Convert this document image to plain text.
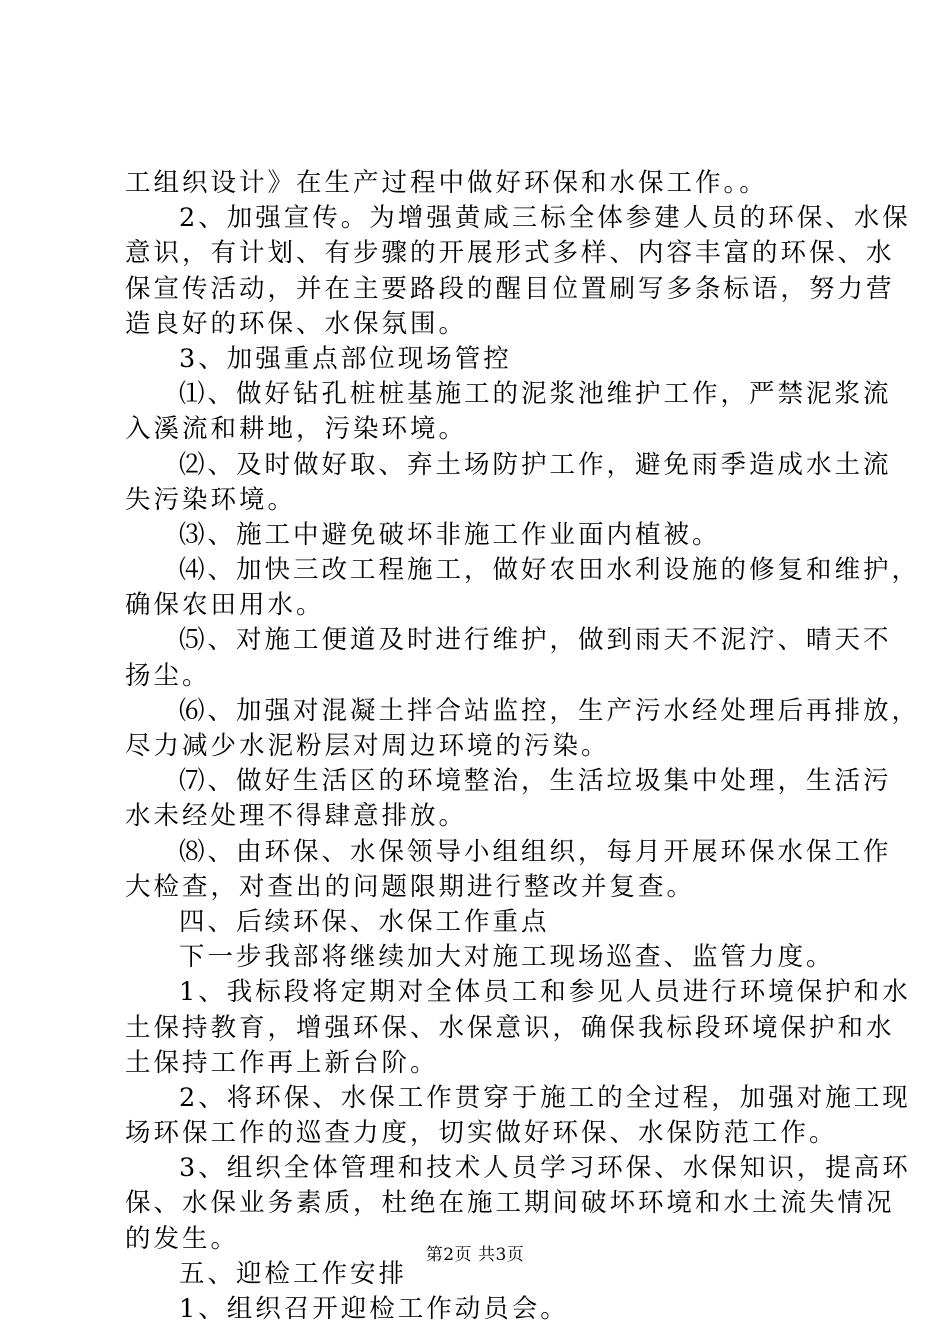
工组织设计》在生产过程中做好环保和水保工作。。
2、加强宣传。为增强黄咸三标全体参建人员的环保、水保
意识，有计划、有步骤的开展形式多样、内容丰富的环保、水
保宣传活动，并在主要路段的醒目位置刷写多条标语，努力营
造良好的环保、水保氛围。
3、加强重点部位现场管控
⑴、做好钻孔桩桩基施工的泥浆池维护工作，严禁泥浆流
入溪流和耕地，污染环境。
⑵、及时做好取、弃土场防护工作，避免雨季造成水土流
失污染环境。
⑶、施工中避免破坏非施工作业面内植被。
⑷、加快三改工程施工，做好农田水利设施的修复和维护，
确保农田用水。
⑸、对施工便道及时进行维护，做到雨天不泥泞、晴天不
扬尘。
⑹、加强对混凝土拌合站监控，生产污水经处理后再排放，
尽力减少水泥粉层对周边环境的污染。
⑺、做好生活区的环境整治，生活垃圾集中处理，生活污
水未经处理不得肆意排放。
⑻、由环保、水保领导小组组织，每月开展环保水保工作
大检查，对查出的问题限期进行整改并复查。
四、后续环保、水保工作重点
下一步我部将继续加大对施工现场巡查、监管力度。
1、我标段将定期对全体员工和参见人员进行环境保护和水
土保持教育，增强环保、水保意识，确保我标段环境保护和水
土保持工作再上新台阶。
2、将环保、水保工作贯穿于施工的全过程，加强对施工现
场环保工作的巡查力度，切实做好环保、水保防范工作。
3、组织全体管理和技术人员学习环保、水保知识，提高环
保、水保业务素质，杜绝在施工期间破坏环境和水土流失情况
的发生。
五、迎检工作安排
1、组织召开迎检工作动员会。
第2页 共3页
